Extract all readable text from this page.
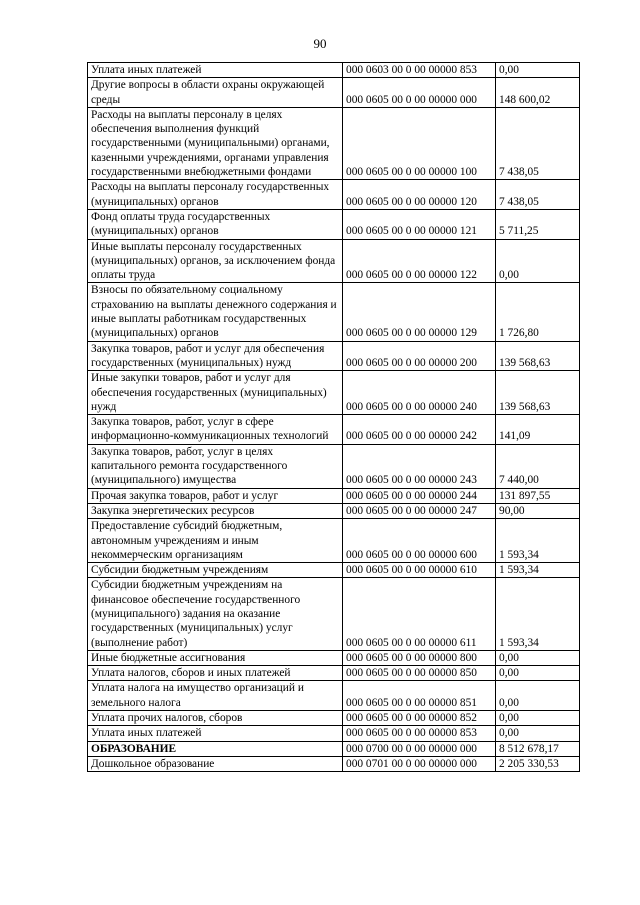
90
Уплата иных платежей	000 0603 00 0 00 00000 853	0,00
Другие вопросы в области охраны окружающей среды	000 0605 00 0 00 00000 000	148 600,02
Расходы на выплаты персоналу в целях обеспечения выполнения функций государственными (муниципальными) органами, казенными учреждениями, органами управления государственными внебюджетными фондами	000 0605 00 0 00 00000 100	7 438,05
Расходы на выплаты персоналу государственных (муниципальных) органов	000 0605 00 0 00 00000 120	7 438,05
Фонд оплаты труда государственных (муниципальных) органов	000 0605 00 0 00 00000 121	5 711,25
Иные выплаты персоналу государственных (муниципальных) органов, за исключением фонда оплаты труда	000 0605 00 0 00 00000 122	0,00
Взносы по обязательному социальному страхованию на выплаты денежного содержания и иные выплаты работникам государственных (муниципальных) органов	000 0605 00 0 00 00000 129	1 726,80
Закупка товаров, работ и услуг для обеспечения государственных (муниципальных) нужд	000 0605 00 0 00 00000 200	139 568,63
Иные закупки товаров, работ и услуг для обеспечения государственных (муниципальных) нужд	000 0605 00 0 00 00000 240	139 568,63
Закупка товаров, работ, услуг в сфере информационно-коммуникационных технологий	000 0605 00 0 00 00000 242	141,09
Закупка товаров, работ, услуг в целях капитального ремонта государственного (муниципального) имущества	000 0605 00 0 00 00000 243	7 440,00
Прочая закупка товаров, работ и услуг	000 0605 00 0 00 00000 244	131 897,55
Закупка энергетических ресурсов	000 0605 00 0 00 00000 247	90,00
Предоставление субсидий бюджетным, автономным учреждениям и иным некоммерческим организациям	000 0605 00 0 00 00000 600	1 593,34
Субсидии бюджетным учреждениям	000 0605 00 0 00 00000 610	1 593,34
Субсидии бюджетным учреждениям на финансовое обеспечение государственного (муниципального) задания на оказание государственных (муниципальных) услуг (выполнение работ)	000 0605 00 0 00 00000 611	1 593,34
Иные бюджетные ассигнования	000 0605 00 0 00 00000 800	0,00
Уплата налогов, сборов и иных платежей	000 0605 00 0 00 00000 850	0,00
Уплата налога на имущество организаций и земельного налога	000 0605 00 0 00 00000 851	0,00
Уплата прочих налогов, сборов	000 0605 00 0 00 00000 852	0,00
Уплата иных платежей	000 0605 00 0 00 00000 853	0,00
ОБРАЗОВАНИЕ	000 0700 00 0 00 00000 000	8 512 678,17
Дошкольное образование	000 0701 00 0 00 00000 000	2 205 330,53
